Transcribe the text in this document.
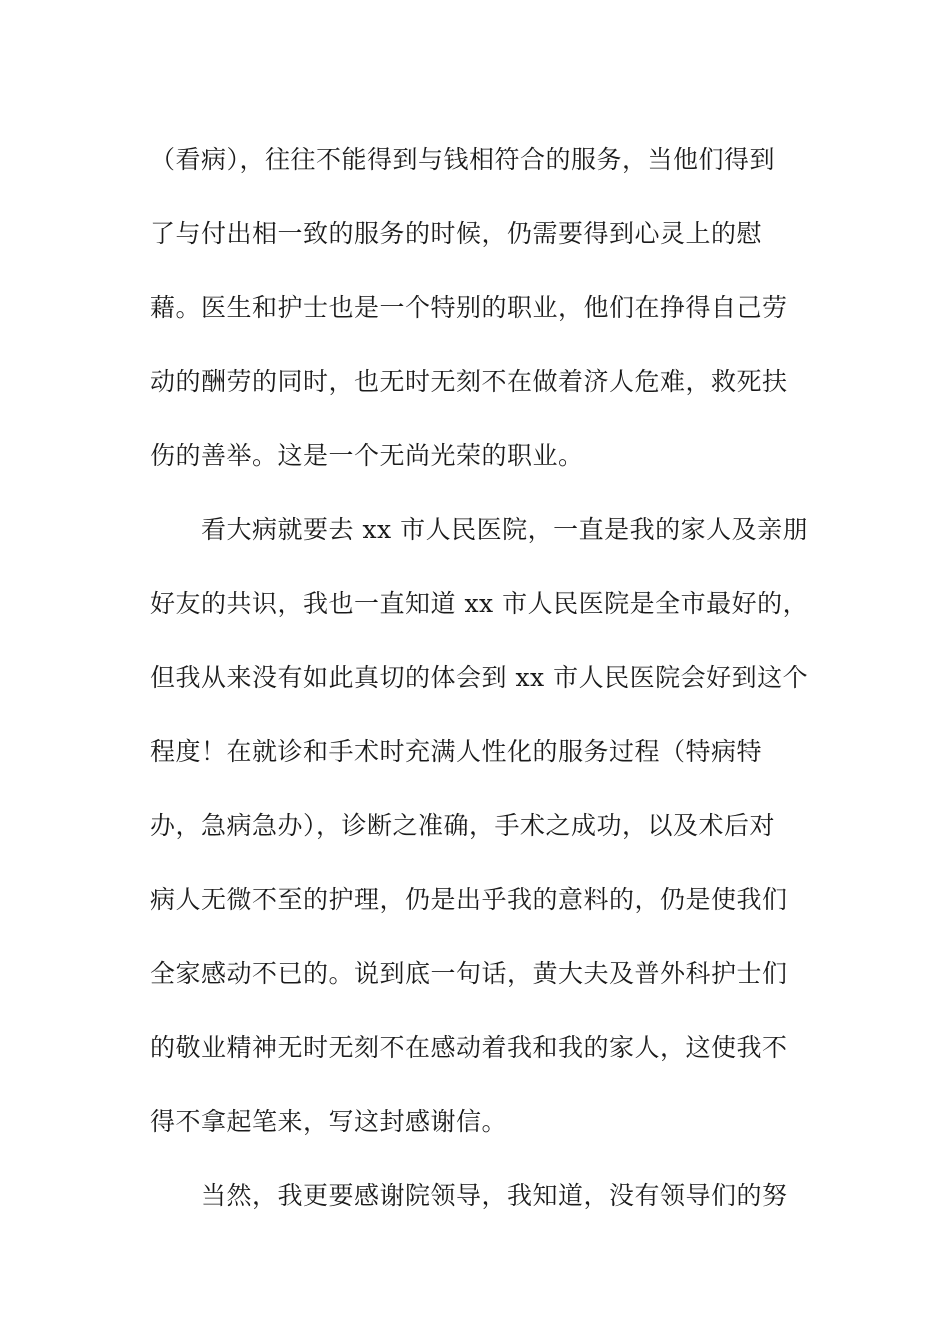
（看病），往往不能得到与钱相符合的服务，当他们得到
了与付出相一致的服务的时候，仍需要得到心灵上的慰
藉。医生和护士也是一个特别的职业，他们在挣得自己劳
动的酬劳的同时，也无时无刻不在做着济人危难，救死扶
伤的善举。这是一个无尚光荣的职业。
看大病就要去 xx 市人民医院，一直是我的家人及亲朋
好友的共识，我也一直知道 xx 市人民医院是全市最好的，
但我从来没有如此真切的体会到 xx 市人民医院会好到这个
程度！在就诊和手术时充满人性化的服务过程（特病特
办，急病急办），诊断之准确，手术之成功，以及术后对
病人无微不至的护理，仍是出乎我的意料的，仍是使我们
全家感动不已的。说到底一句话，黄大夫及普外科护士们
的敬业精神无时无刻不在感动着我和我的家人，这使我不
得不拿起笔来，写这封感谢信。
当然，我更要感谢院领导，我知道，没有领导们的努
